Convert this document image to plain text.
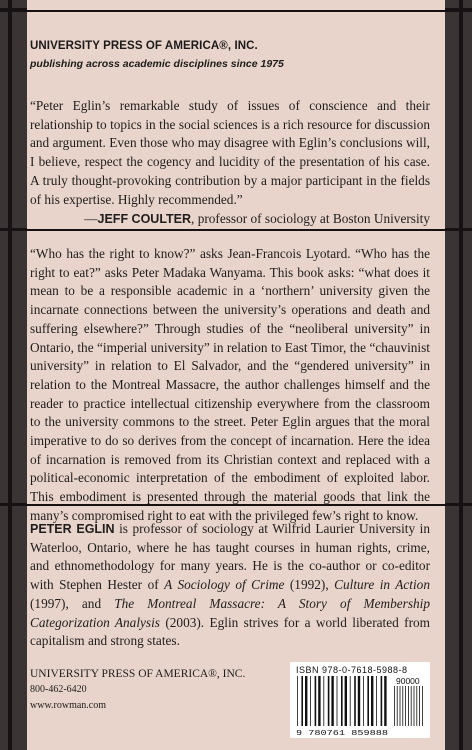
UNIVERSITY PRESS OF AMERICA®, INC.
publishing across academic disciplines since 1975
“Peter Eglin’s remarkable study of issues of conscience and their relationship to topics in the social sciences is a rich resource for discussion and argument. Even those who may disagree with Eglin’s conclusions will, I believe, respect the cogency and lucidity of the presentation of his case. A truly thought-provoking contribution by a major participant in the fields of his expertise. Highly recommended.”
—JEFF COULTER, professor of sociology at Boston University
“Who has the right to know?” asks Jean-Francois Lyotard. “Who has the right to eat?” asks Peter Madaka Wanyama. This book asks: “what does it mean to be a responsible academic in a ‘northern’ university given the incarnate connections between the university’s operations and death and suffering elsewhere?” Through studies of the “neoliberal university” in Ontario, the “imperial university” in relation to East Timor, the “chauvinist university” in relation to El Salvador, and the “gendered university” in relation to the Montreal Massacre, the author challenges himself and the reader to practice intellectual citizenship everywhere from the classroom to the university commons to the street. Peter Eglin argues that the moral imperative to do so derives from the concept of incarnation. Here the idea of incarnation is removed from its Christian context and replaced with a political-economic interpretation of the embodiment of exploited labor. This embodiment is presented through the material goods that link the many’s compromised right to eat with the privileged few’s right to know.
PETER EGLIN is professor of sociology at Wilfrid Laurier University in Waterloo, Ontario, where he has taught courses in human rights, crime, and ethnomethodology for many years. He is the co-author or co-editor with Stephen Hester of A Sociology of Crime (1992), Culture in Action (1997), and The Montreal Massacre: A Story of Membership Categorization Analysis (2003). Eglin strives for a world liberated from capitalism and strong states.
UNIVERSITY PRESS OF AMERICA®, INC.
800-462-6420
www.rowman.com
ISBN 978-0-7618-5988-8
90000
9 780761 859888
